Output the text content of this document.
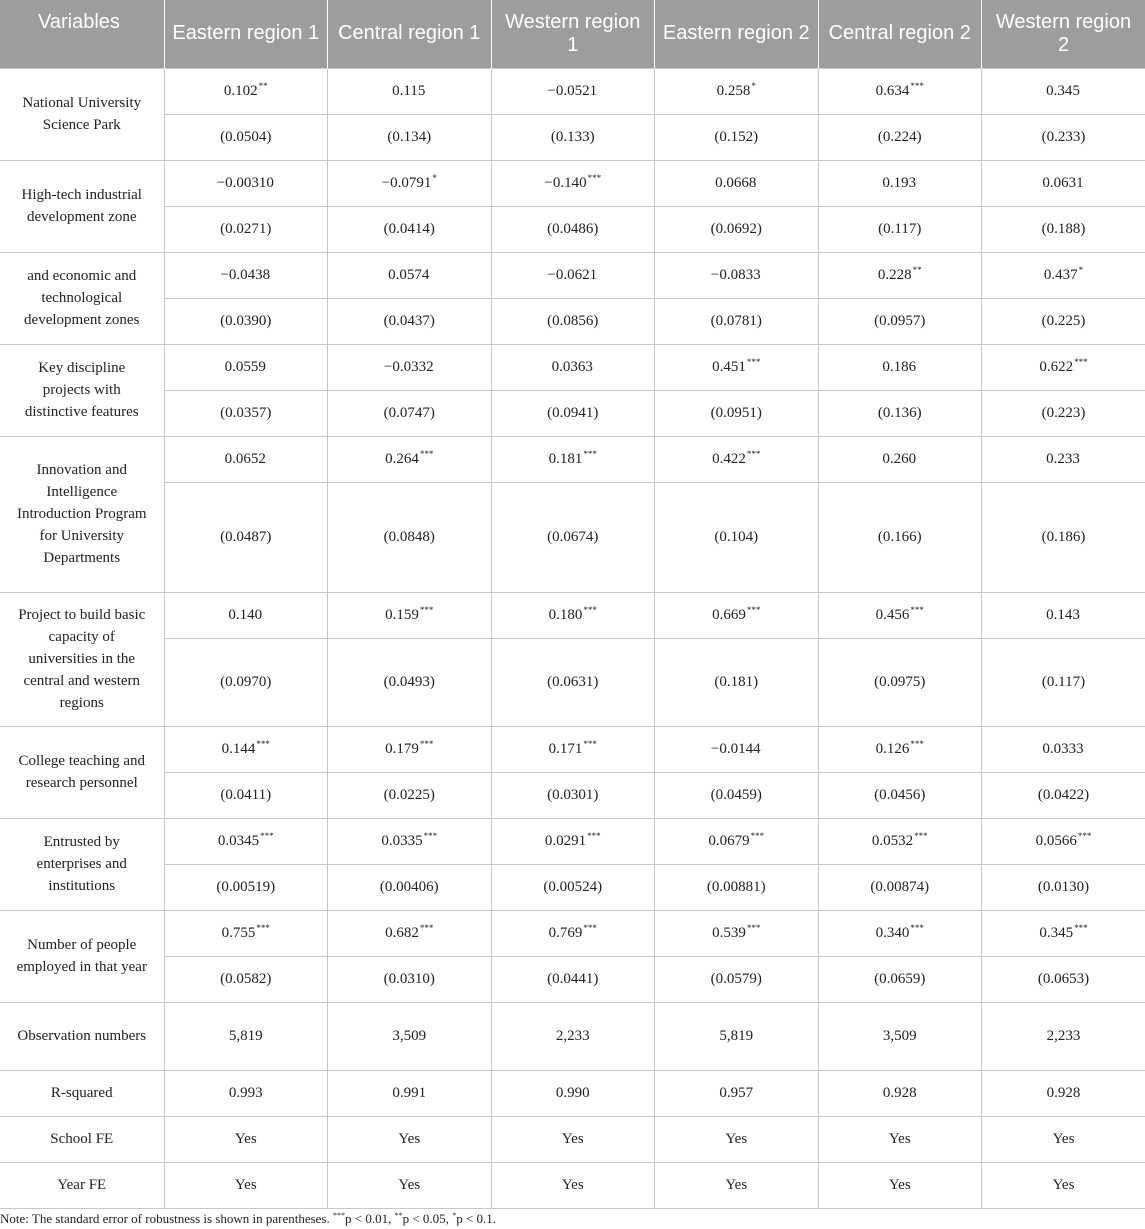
Variables	Eastern region 1	Central region 1	Western region 1	Eastern region 2	Central region 2	Western region 2
National University Science Park	0.102**	0.115	−0.0521	0.258*	0.634***	0.345
	(0.0504)	(0.134)	(0.133)	(0.152)	(0.224)	(0.233)
High-tech industrial development zone	−0.00310	−0.0791*	−0.140***	0.0668	0.193	0.0631
	(0.0271)	(0.0414)	(0.0486)	(0.0692)	(0.117)	(0.188)
and economic and technological development zones	−0.0438	0.0574	−0.0621	−0.0833	0.228**	0.437*
	(0.0390)	(0.0437)	(0.0856)	(0.0781)	(0.0957)	(0.225)
Key discipline projects with distinctive features	0.0559	−0.0332	0.0363	0.451***	0.186	0.622***
	(0.0357)	(0.0747)	(0.0941)	(0.0951)	(0.136)	(0.223)
Innovation and Intelligence Introduction Program for University Departments	0.0652	0.264***	0.181***	0.422***	0.260	0.233
	(0.0487)	(0.0848)	(0.0674)	(0.104)	(0.166)	(0.186)
Project to build basic capacity of universities in the central and western regions	0.140	0.159***	0.180***	0.669***	0.456***	0.143
	(0.0970)	(0.0493)	(0.0631)	(0.181)	(0.0975)	(0.117)
College teaching and research personnel	0.144***	0.179***	0.171***	−0.0144	0.126***	0.0333
	(0.0411)	(0.0225)	(0.0301)	(0.0459)	(0.0456)	(0.0422)
Entrusted by enterprises and institutions	0.0345***	0.0335***	0.0291***	0.0679***	0.0532***	0.0566***
	(0.00519)	(0.00406)	(0.00524)	(0.00881)	(0.00874)	(0.0130)
Number of people employed in that year	0.755***	0.682***	0.769***	0.539***	0.340***	0.345***
	(0.0582)	(0.0310)	(0.0441)	(0.0579)	(0.0659)	(0.0653)
Observation numbers	5,819	3,509	2,233	5,819	3,509	2,233
R-squared	0.993	0.991	0.990	0.957	0.928	0.928
School FE	Yes	Yes	Yes	Yes	Yes	Yes
Year FE	Yes	Yes	Yes	Yes	Yes	Yes
Note: The standard error of robustness is shown in parentheses. ***p < 0.01, **p < 0.05, *p < 0.1.
